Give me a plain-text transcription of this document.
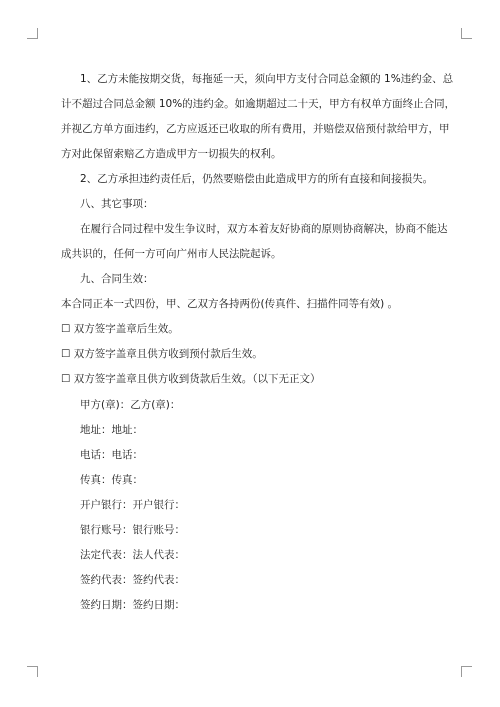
1、乙方未能按期交货，每拖延一天，须向甲方支付合同总金额的 1%违约金、总
计不超过合同总金额 10%的违约金。如逾期超过二十天，甲方有权单方面终止合同，
并视乙方单方面违约，乙方应返还已收取的所有费用，并赔偿双倍预付款给甲方，甲
方对此保留索赔乙方造成甲方一切损失的权利。
2、乙方承担违约责任后，仍然要赔偿由此造成甲方的所有直接和间接损失。
八、其它事项：
在履行合同过程中发生争议时，双方本着友好协商的原则协商解决，协商不能达
成共识的，任何一方可向广州市人民法院起诉。
九、合同生效：
本合同正本一式四份，甲、乙双方各持两份(传真件、扫描件同等有效) 。
☐ 双方签字盖章后生效。
☐ 双方签字盖章且供方收到预付款后生效。
☐ 双方签字盖章且供方收到货款后生效。（以下无正文）
甲方(章)：乙方(章)：
地址：地址：
电话：电话：
传真：传真：
开户银行：开户银行：
银行账号：银行账号：
法定代表：法人代表：
签约代表：签约代表：
签约日期：签约日期：
